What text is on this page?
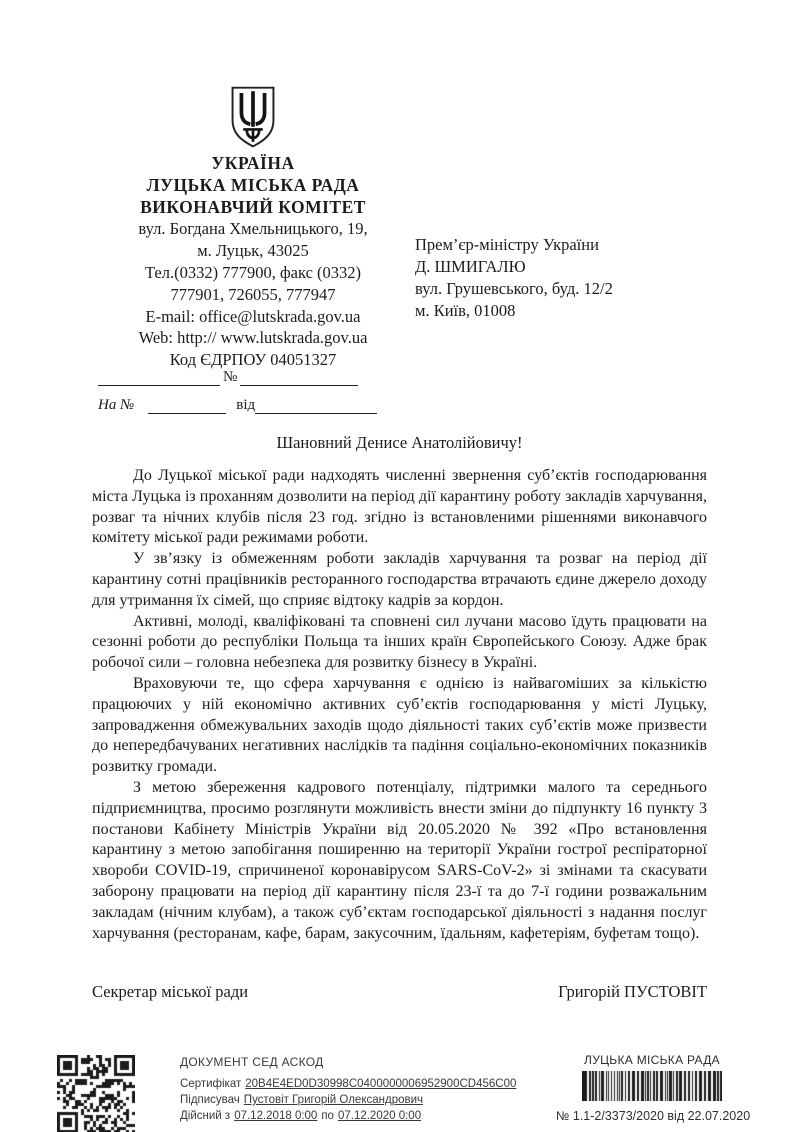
УКРАЇНА
ЛУЦЬКА МІСЬКА РАДА
ВИКОНАВЧИЙ КОМІТЕТ
вул. Богдана Хмельницького, 19,
м. Луцьк, 43025
Тел.(0332) 777900, факс (0332)
777901, 726055, 777947
E-mail: office@lutskrada.gov.ua
Web: http:// www.lutskrada.gov.ua
Код ЄДРПОУ 04051327
Прем’єр-міністру України
Д. ШМИГАЛЮ
вул. Грушевського, буд. 12/2
м. Київ, 01008
№
На №	від
Шановний Денисе Анатолійовичу!

До Луцької міської ради надходять численні звернення суб’єктів господарювання міста Луцька із проханням дозволити на період дії карантину роботу закладів харчування, розваг та нічних клубів після 23 год. згідно із встановленими рішеннями виконавчого комітету міської ради режимами роботи.

У зв’язку із обмеженням роботи закладів харчування та розваг на період дії карантину сотні працівників ресторанного господарства втрачають єдине джерело доходу для утримання їх сімей, що сприяє відтоку кадрів за кордон.

Активні, молоді, кваліфіковані та сповнені сил лучани масово їдуть працювати на сезонні роботи до республіки Польща та інших країн Європейського Союзу. Адже брак робочої сили – головна небезпека для розвитку бізнесу в Україні.

Враховуючи те, що сфера харчування є однією із найвагоміших за кількістю працюючих у ній економічно активних суб’єктів господарювання у місті Луцьку, запровадження обмежувальних заходів щодо діяльності таких суб’єктів може призвести до непередбачуваних негативних наслідків та падіння соціально-економічних показників розвитку громади.

З метою збереження кадрового потенціалу, підтримки малого та середнього підприємництва, просимо розглянути можливість внести зміни до підпункту 16 пункту 3 постанови Кабінету Міністрів України від 20.05.2020 № 392 «Про встановлення карантину з метою запобігання поширенню на території України гострої респіраторної хвороби COVID-19, спричиненої коронавірусом SARS-CoV-2» зі змінами та скасувати заборону працювати на період дії карантину після 23-ї та до 7-ї години розважальним закладам (нічним клубам), а також суб’єктам господарської діяльності з надання послуг харчування (ресторанам, кафе, барам, закусочним, їдальням, кафетеріям, буфетам тощо).

Секретар міської ради	Григорій ПУСТОВІТ
ДОКУМЕНТ СЕД АСКОД
Сертифікат 20B4E4ED0D30998C0400000006952900CD456C00
Підписувач Пустовіт Григорій Олександрович
Дійсний з 07.12.2018 0:00 по 07.12.2020 0:00
ЛУЦЬКА МІСЬКА РАДА
№ 1.1-2/3373/2020 від 22.07.2020
